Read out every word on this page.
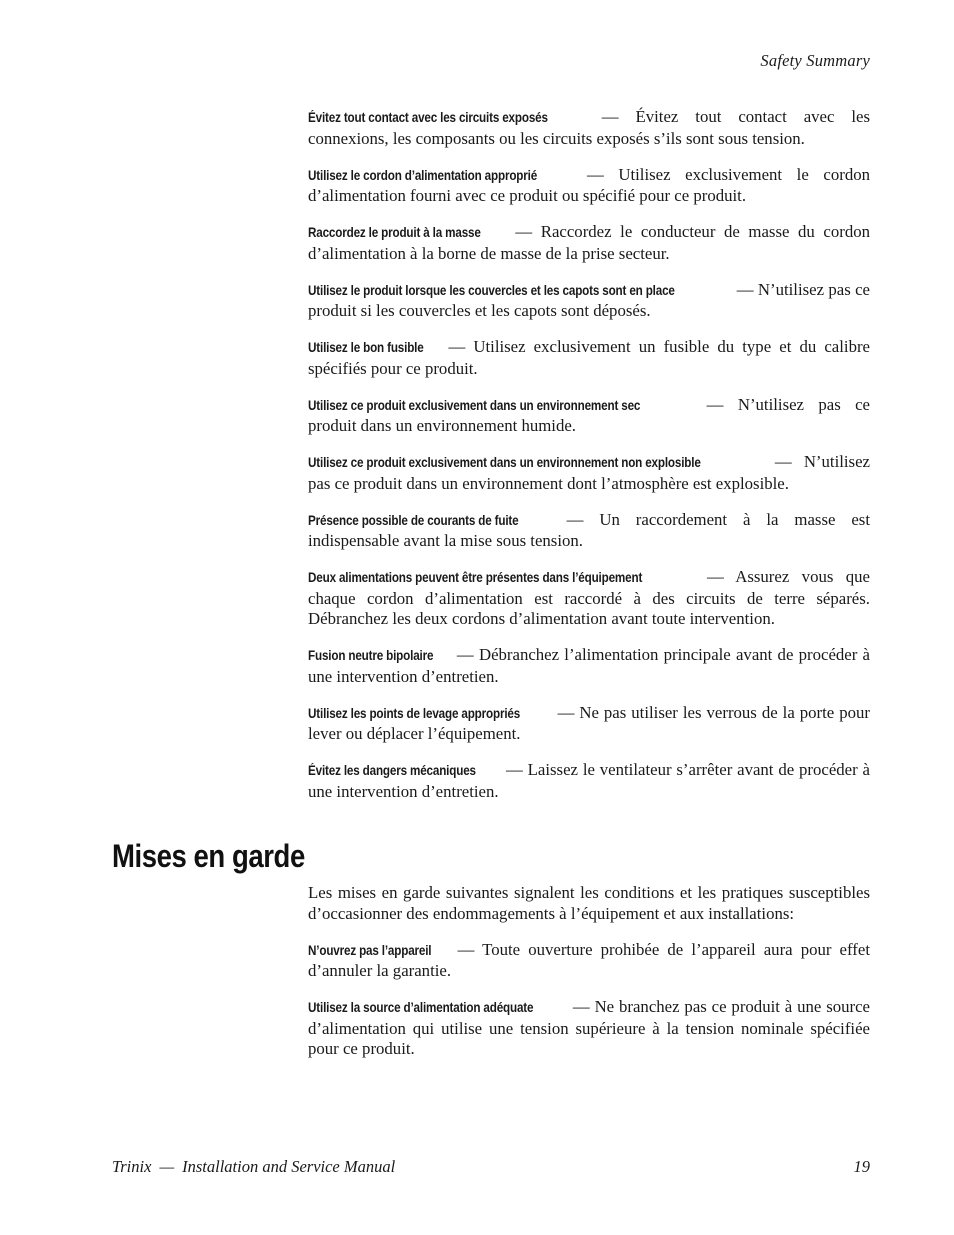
Safety Summary

Évitez tout contact avec les circuits exposés — Évitez tout contact avec les connexions, les composants ou les circuits exposés s’ils sont sous tension.

Utilisez le cordon d’alimentation approprié — Utilisez exclusivement le cordon d’alimentation fourni avec ce produit ou spécifié pour ce produit.

Raccordez le produit à la masse — Raccordez le conducteur de masse du cordon d’alimentation à la borne de masse de la prise secteur.

Utilisez le produit lorsque les couvercles et les capots sont en place	— N’utilisez pas ce produit si les couvercles et les capots sont déposés.

Utilisez le bon fusible — Utilisez exclusivement un fusible du type et du calibre spécifiés pour ce produit.

Utilisez ce produit exclusivement dans un environnement sec	— N’utilisez pas ce produit dans un environnement humide.

Utilisez ce produit exclusivement dans un environnement non explosible	— N’utilisez pas ce produit dans un environnement dont l’atmosphère est explosible.

Présence possible de courants de fuite — Un raccordement à la masse est indispensable avant la mise sous tension.

Deux alimentations peuvent être présentes dans l’équipement	— Assurez vous que chaque cordon d’alimentation est raccordé à des circuits de terre séparés. Débranchez les deux cordons d’alimentation avant toute intervention.

Fusion neutre bipolaire — Débranchez l’alimentation principale avant de procéder à une intervention d’entretien.

Utilisez les points de levage appropriés — Ne pas utiliser les verrous de la porte pour lever ou déplacer l’équipement.

Évitez les dangers mécaniques — Laissez le ventilateur s’arrêter avant de procéder à une intervention d’entretien.

Mises en garde

Les mises en garde suivantes signalent les conditions et les pratiques susceptibles d’occasionner des endommagements à l’équipement et aux installations:

N’ouvrez pas l’appareil — Toute ouverture prohibée de l’appareil aura pour effet d’annuler la garantie.

Utilisez la source d’alimentation adéquate — Ne branchez pas ce produit à une source d’alimentation qui utilise une tension supérieure à la tension nominale spécifiée pour ce produit.

Trinix — Installation and Service Manual	19
